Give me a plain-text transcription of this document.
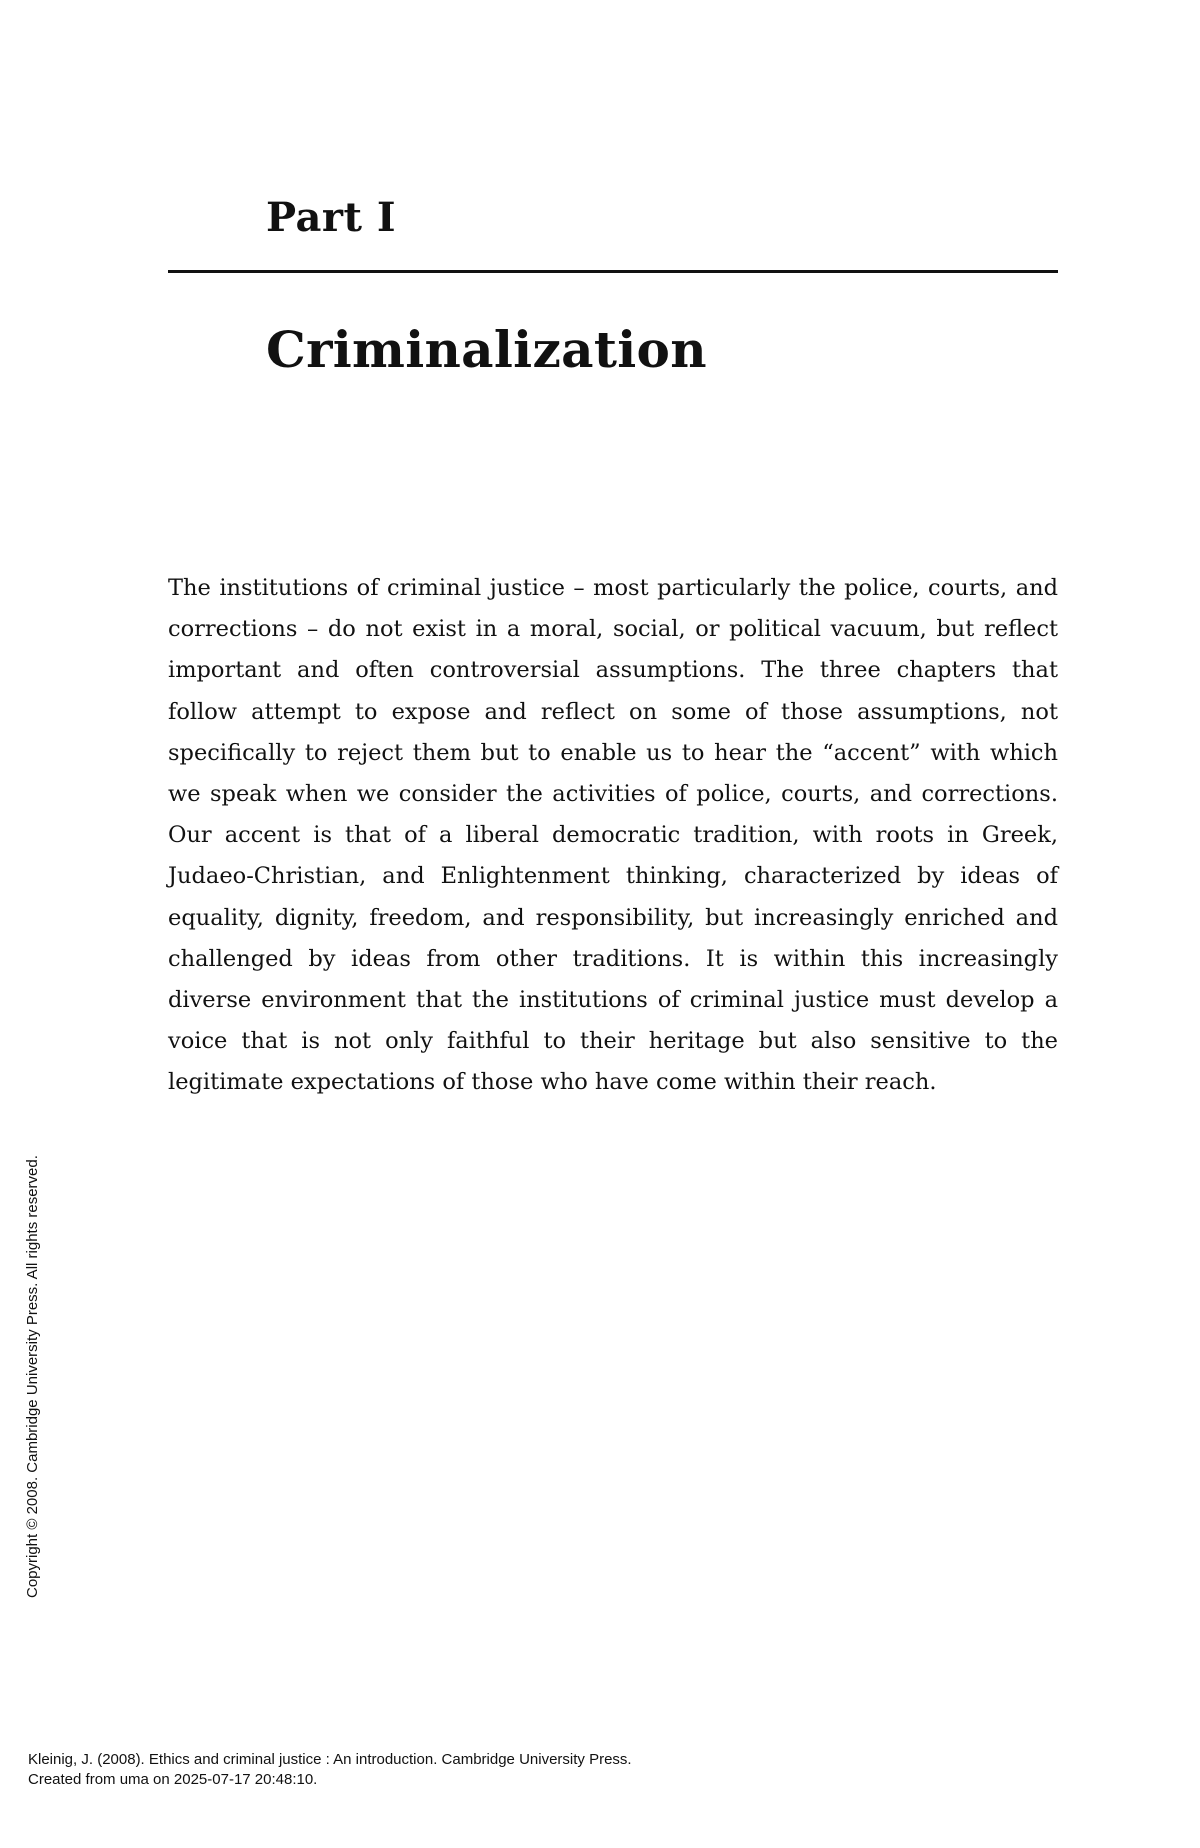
Part I
Criminalization

The institutions of criminal justice – most particularly the police, courts, and corrections – do not exist in a moral, social, or political vacuum, but reflect important and often controversial assumptions. The three chapters that follow attempt to expose and reflect on some of those assumptions, not specifically to reject them but to enable us to hear the “accent” with which we speak when we consider the activities of police, courts, and corrections. Our accent is that of a liberal democratic tradition, with roots in Greek, Judaeo-Christian, and Enlightenment thinking, characterized by ideas of equality, dignity, freedom, and responsibility, but increasingly enriched and challenged by ideas from other traditions. It is within this increasingly diverse environment that the institutions of criminal justice must develop a voice that is not only faithful to their heritage but also sensitive to the legitimate expectations of those who have come within their reach.

Copyright © 2008. Cambridge University Press. All rights reserved.
Kleinig, J. (2008). Ethics and criminal justice : An introduction. Cambridge University Press.
Created from uma on 2025-07-17 20:48:10.
